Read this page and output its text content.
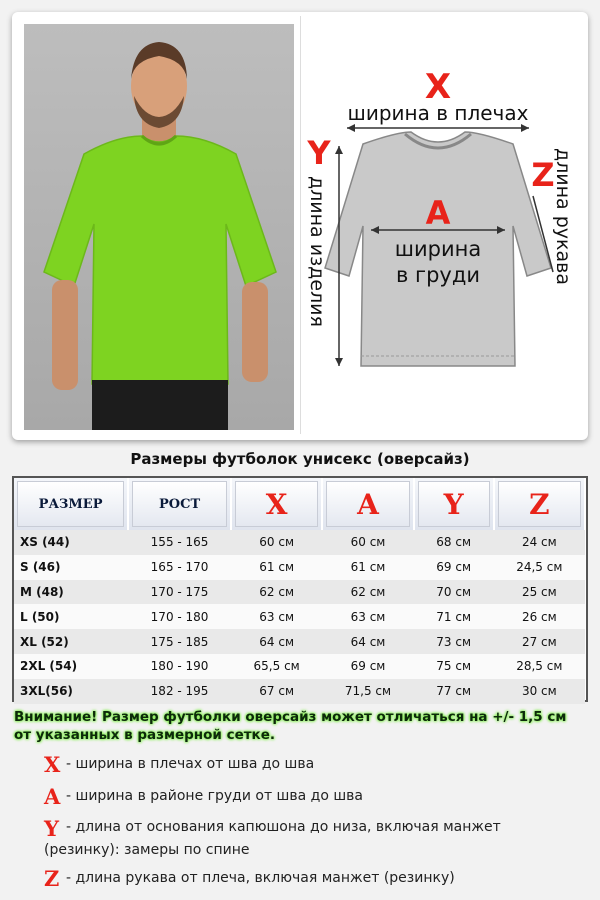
X
ширина в плечах
A
ширина
в груди
Y
длина изделия
Z
длина рукава
Размеры футболок унисекс (оверсайз)
РАЗМЕР	РОСТ	X	A	Y	Z

XS (44)	155 - 165	60 см	60 см	68 см	24 см
S (46)	165 - 170	61 см	61 см	69 см	24,5 см
M (48)	170 - 175	62 см	62 см	70 см	25 см
L (50)	170 - 180	63 см	63 см	71 см	26 см
XL (52)	175 - 185	64 см	64 см	73 см	27 см
2XL (54)	180 - 190	65,5 см	69 см	75 см	28,5 см
3XL(56)	182 - 195	67 см	71,5 см	77 см	30 см
Внимание! Размер футболки оверсайз может отличаться на +/- 1,5 см от указанных в размерной сетке.
X - ширина в плечах от шва до шва
A - ширина в районе груди от шва до шва
Y - длина от основания капюшона до низа, включая манжет
(резинку): замеры по спине
Z - длина рукава от плеча, включая манжет (резинку)
